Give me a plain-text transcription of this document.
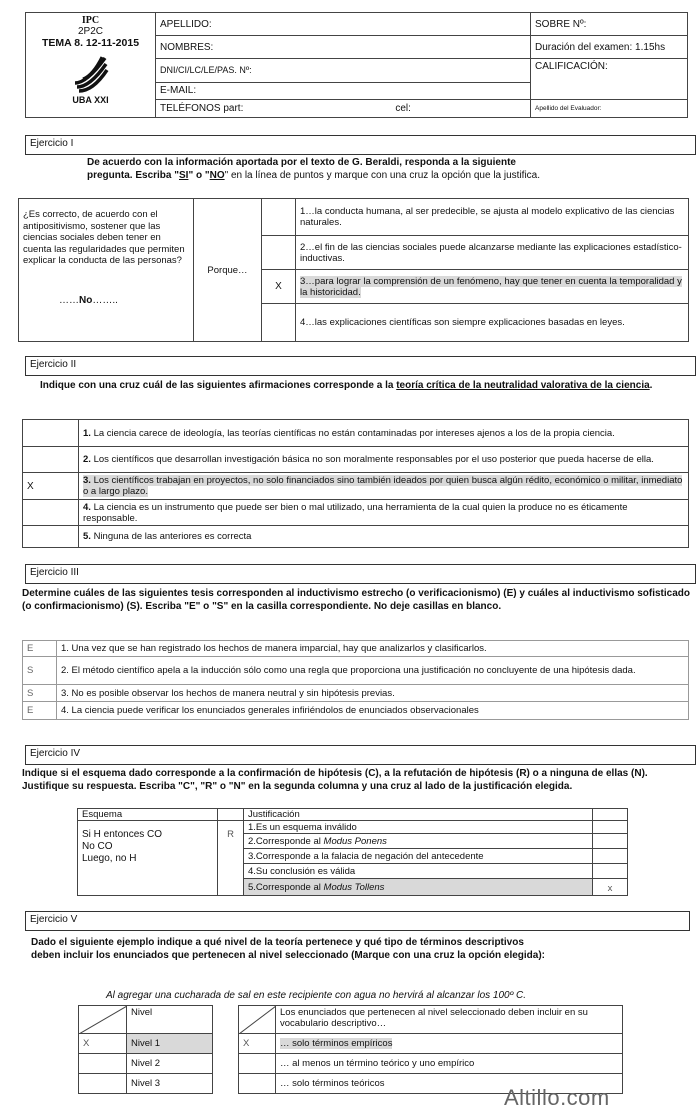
IPC
2P2C
TEMA 8. 12-11-2015
UBA XXI	APELLIDO:	SOBRE Nº:
	NOMBRES:	Duración del examen: 1.15hs
	DNI/CI/LC/LE/PAS. Nº:	CALIFICACIÓN:
	E-MAIL:	
	TELÉFONOS part: cel:	Apellido del Evaluador:
Ejercicio I
De acuerdo con la información aportada por el texto de G. Beraldi, responda a la siguiente
pregunta. Escriba "SI" o "NO" en la línea de puntos y marque con una cruz la opción que la justifica.
¿Es correcto, de acuerdo con el antipositivismo, sostener que las ciencias sociales deben tener en cuenta las regularidades que permiten explicar la conducta de las personas?
……No……..	Porque…		1…la conducta humana, al ser predecible, se ajusta al modelo explicativo de las ciencias naturales.
			2…el fin de las ciencias sociales puede alcanzarse mediante las explicaciones estadístico-inductivas.
		X	3…para lograr la comprensión de un fenómeno, hay que tener en cuenta la temporalidad y la historicidad.
			4…las explicaciones científicas son siempre explicaciones basadas en leyes.
Ejercicio II
Indique con una cruz cuál de las siguientes afirmaciones corresponde a la teoría crítica de la neutralidad valorativa de la ciencia.
	1. La ciencia carece de ideología, las teorías científicas no están contaminadas por intereses ajenos a los de la propia ciencia.
	2. Los científicos que desarrollan investigación básica no son moralmente responsables por el uso posterior que pueda hacerse de ella.
X	3. Los científicos trabajan en proyectos, no solo financiados sino también ideados por quien busca algún rédito, económico o militar, inmediato o a largo plazo.
	4. La ciencia es un instrumento que puede ser bien o mal utilizado, una herramienta de la cual quien la produce no es éticamente responsable.
	5. Ninguna de las anteriores es correcta
Ejercicio III
Determine cuáles de las siguientes tesis corresponden al inductivismo estrecho (o verificacionismo) (E) y cuáles al inductivismo sofisticado (o confirmacionismo) (S). Escriba "E" o "S" en la casilla correspondiente. No deje casillas en blanco.
E	1. Una vez que se han registrado los hechos de manera imparcial, hay que analizarlos y clasificarlos.
S	2. El método científico apela a la inducción sólo como una regla que proporciona una justificación no concluyente de una hipótesis dada.
S	3. No es posible observar los hechos de manera neutral y sin hipótesis previas.
E	4. La ciencia puede verificar los enunciados generales infiriéndolos de enunciados observacionales
Ejercicio IV
Indique si el esquema dado corresponde a la confirmación de hipótesis (C), a la refutación de hipótesis (R) o a ninguna de ellas (N). Justifique su respuesta. Escriba "C", "R" o "N" en la segunda columna y una cruz al lado de la justificación elegida.
Esquema		Justificación	

Si H entonces CO
No CO
Luego, no H	R	1.Es un esquema inválido	
		2.Corresponde al Modus Ponens	
		3.Corresponde a la falacia de negación del antecedente	
		4.Su conclusión es válida	
		5.Corresponde al Modus Tollens	x
Ejercicio V
Dado el siguiente ejemplo indique a qué nivel de la teoría pertenece y qué tipo de términos descriptivos
deben incluir los enunciados que pertenecen al nivel seleccionado (Marque con una cruz la opción elegida):
Al agregar una cucharada de sal en este recipiente con agua no hervirá al alcanzar los 100º C.
	Nivel			Los enunciados que pertenecen al nivel seleccionado deben incluir en su vocabulario descriptivo…
X	Nivel 1		X	… solo términos empíricos
	Nivel 2			… al menos un término teórico y uno empírico
	Nivel 3			… solo términos teóricos
Altillo.com
